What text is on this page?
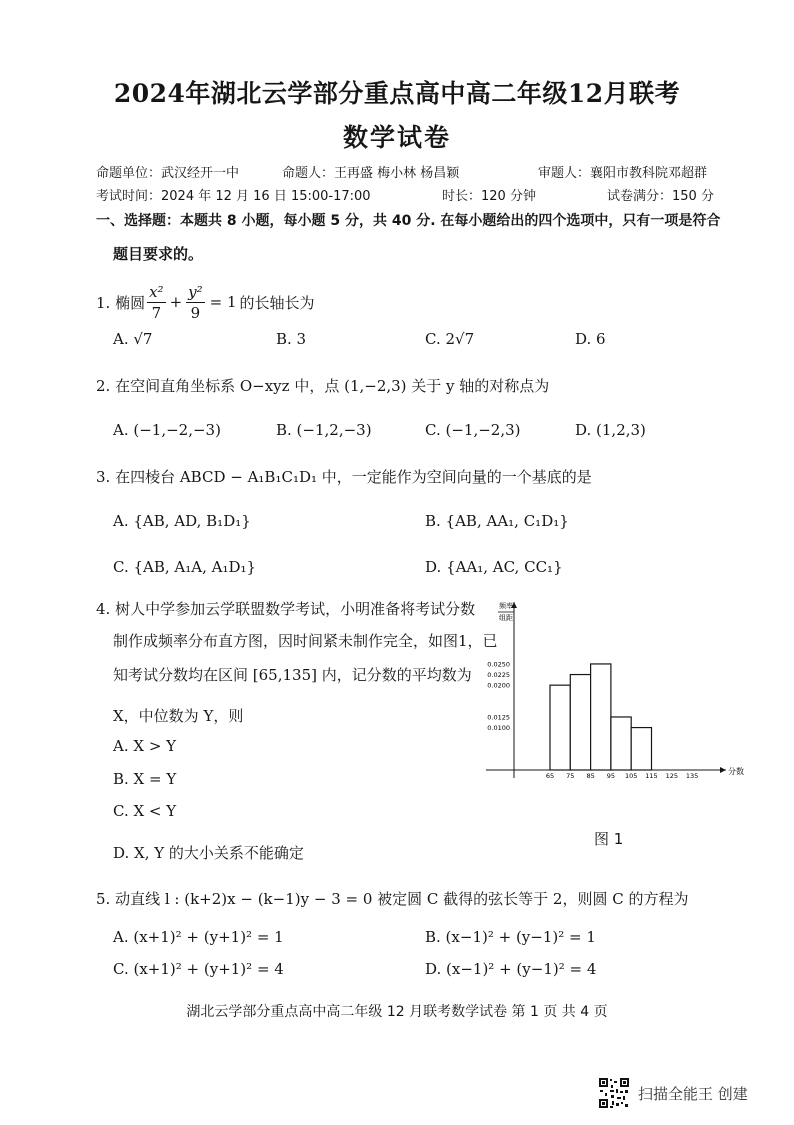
2024年湖北云学部分重点高中高二年级12月联考
数学试卷
命题单位：武汉经开一中	命题人：王再盛 梅小林 杨昌颖	审题人：襄阳市教科院邓超群
考试时间：2024 年 12 月 16 日 15:00-17:00	时长：120 分钟	试卷满分：150 分
一、选择题：本题共 8 小题，每小题 5 分，共 40 分. 在每小题给出的四个选项中，只有一项是符合
题目要求的。
1. 椭圆 $\frac{\text{x²}}{7} + \frac{\text{y²}}{9} = 1$ 的长轴长为
A. √7	B. 3	C. 2√7	D. 6
2. 在空间直角坐标系 O−xyz 中，点 (1,−2,3) 关于 y 轴的对称点为
A. (−1,−2,−3)	B. (−1,2,−3)	C. (−1,−2,3)	D. (1,2,3)
3. 在四棱台 ABCD − A₁B₁C₁D₁ 中，一定能作为空间向量的一个基底的是
A. {AB, AD, B₁D₁}	B. {AB, AA₁, C₁D₁}
C. {AB, A₁A, A₁D₁}	D. {AA₁, AC, CC₁}
4. 树人中学参加云学联盟数学考试，小明准备将考试分数
制作成频率分布直方图，因时间紧未制作完全，如图1，已
知考试分数均在区间 [65,135] 内，记分数的平均数为
X，中位数为 Y，则
A. X > Y
B. X = Y
C. X < Y
D. X, Y 的大小关系不能确定
0.0250
0.0225
0.0200
0.0125
0.0100
65 75 85 95 105 115 125 135
频率
组距
分数
图 1
5. 动直线 l : (k+2)x − (k−1)y − 3 = 0 被定圆 C 截得的弦长等于 2，则圆 C 的方程为
A. (x+1)² + (y+1)² = 1	B. (x−1)² + (y−1)² = 1
C. (x+1)² + (y+1)² = 4	D. (x−1)² + (y−1)² = 4
湖北云学部分重点高中高二年级 12 月联考数学试卷 第 1 页 共 4 页
扫描全能王 创建
